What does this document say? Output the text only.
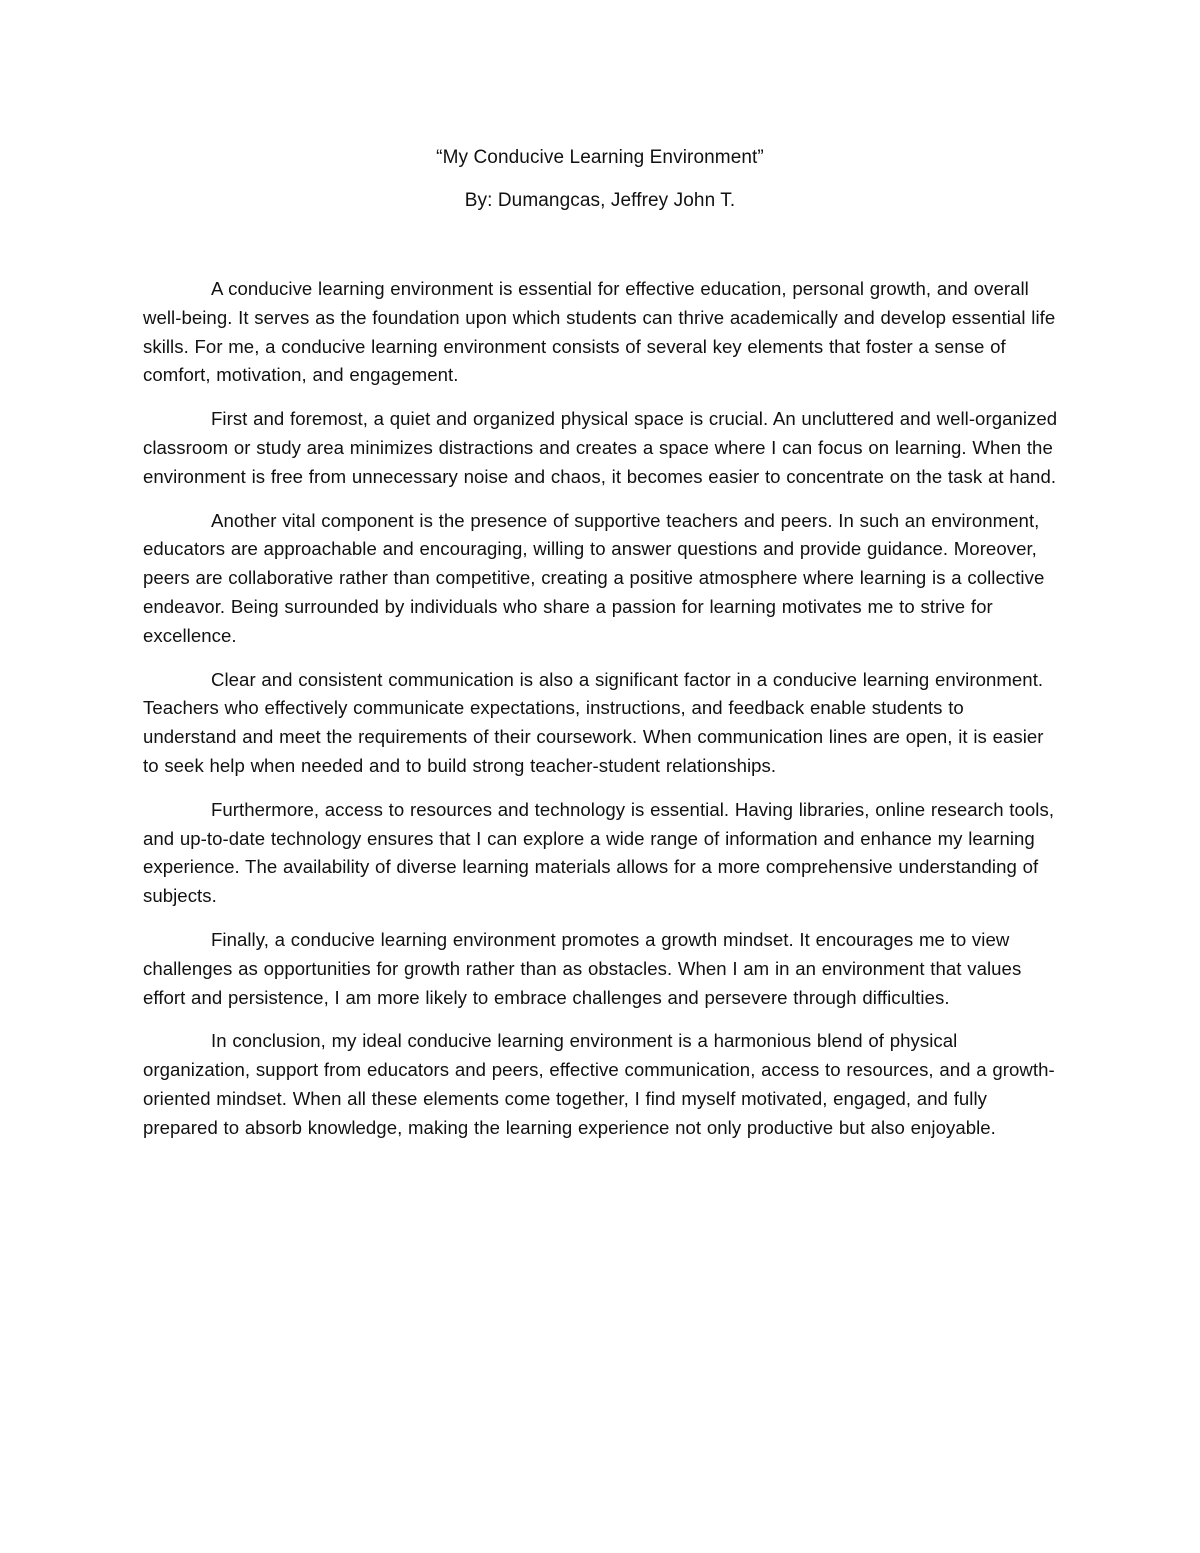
“My Conducive Learning Environment”
By: Dumangcas, Jeffrey John T.

A conducive learning environment is essential for effective education, personal growth, and overall well-being. It serves as the foundation upon which students can thrive academically and develop essential life skills. For me, a conducive learning environment consists of several key elements that foster a sense of comfort, motivation, and engagement.

First and foremost, a quiet and organized physical space is crucial. An uncluttered and well-organized classroom or study area minimizes distractions and creates a space where I can focus on learning. When the environment is free from unnecessary noise and chaos, it becomes easier to concentrate on the task at hand.

Another vital component is the presence of supportive teachers and peers. In such an environment, educators are approachable and encouraging, willing to answer questions and provide guidance. Moreover, peers are collaborative rather than competitive, creating a positive atmosphere where learning is a collective endeavor. Being surrounded by individuals who share a passion for learning motivates me to strive for excellence.

Clear and consistent communication is also a significant factor in a conducive learning environment. Teachers who effectively communicate expectations, instructions, and feedback enable students to understand and meet the requirements of their coursework. When communication lines are open, it is easier to seek help when needed and to build strong teacher-student relationships.

Furthermore, access to resources and technology is essential. Having libraries, online research tools, and up-to-date technology ensures that I can explore a wide range of information and enhance my learning experience. The availability of diverse learning materials allows for a more comprehensive understanding of subjects.

Finally, a conducive learning environment promotes a growth mindset. It encourages me to view challenges as opportunities for growth rather than as obstacles. When I am in an environment that values effort and persistence, I am more likely to embrace challenges and persevere through difficulties.

In conclusion, my ideal conducive learning environment is a harmonious blend of physical organization, support from educators and peers, effective communication, access to resources, and a growth-oriented mindset. When all these elements come together, I find myself motivated, engaged, and fully prepared to absorb knowledge, making the learning experience not only productive but also enjoyable.
